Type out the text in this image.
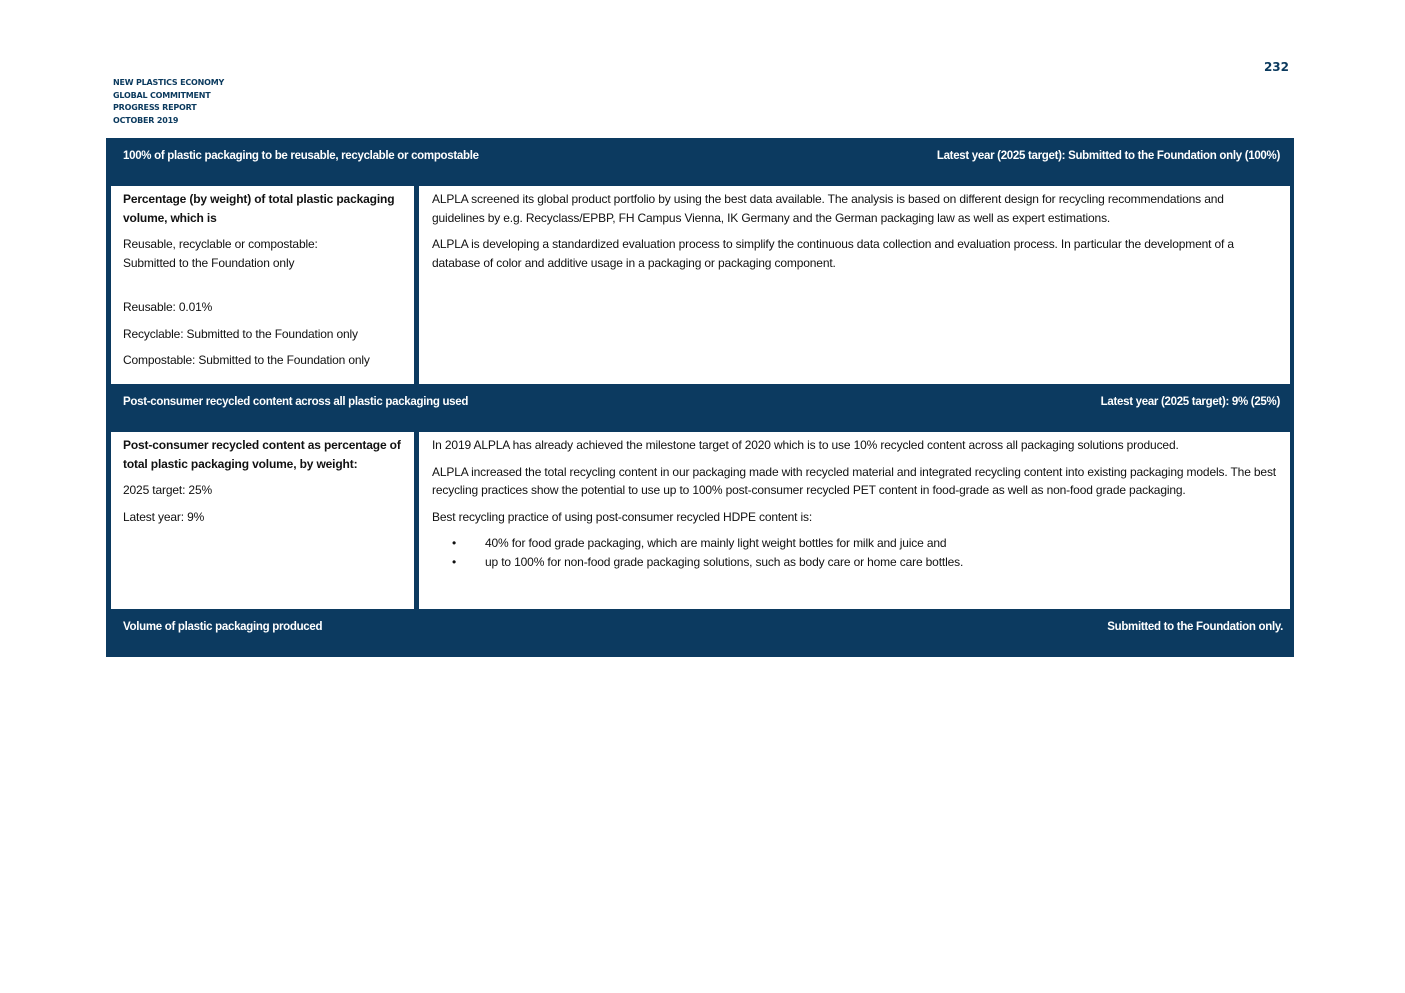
NEW PLASTICS ECONOMY
GLOBAL COMMITMENT
PROGRESS REPORT
OCTOBER 2019
232
100% of plastic packaging to be reusable, recyclable or compostable	Latest year (2025 target): Submitted to the Foundation only (100%)

Percentage (by weight) of total plastic packaging volume, which is

Reusable, recyclable or compostable:
Submitted to the Foundation only

Reusable: 0.01%

Recyclable: Submitted to the Foundation only

Compostable: Submitted to the Foundation only

ALPLA screened its global product portfolio by using the best data available. The analysis is based on different design for recycling recommendations and guidelines by e.g. Recyclass/EPBP, FH Campus Vienna, IK Germany and the German packaging law as well as expert estimations.

ALPLA is developing a standardized evaluation process to simplify the continuous data collection and evaluation process. In particular the development of a database of color and additive usage in a packaging or packaging component.

Post-consumer recycled content across all plastic packaging used	Latest year (2025 target): 9% (25%)

Post-consumer recycled content as percentage of total plastic packaging volume, by weight:

2025 target: 25%

Latest year: 9%

In 2019 ALPLA has already achieved the milestone target of 2020 which is to use 10% recycled content across all packaging solutions produced.

ALPLA increased the total recycling content in our packaging made with recycled material and integrated recycling content into existing packaging models. The best recycling practices show the potential to use up to 100% post-consumer recycled PET content in food-grade as well as non-food grade packaging.

Best recycling practice of using post-consumer recycled HDPE content is:

• 40% for food grade packaging, which are mainly light weight bottles for milk and juice and
• up to 100% for non-food grade packaging solutions, such as body care or home care bottles.
Volume of plastic packaging produced	Submitted to the Foundation only.
